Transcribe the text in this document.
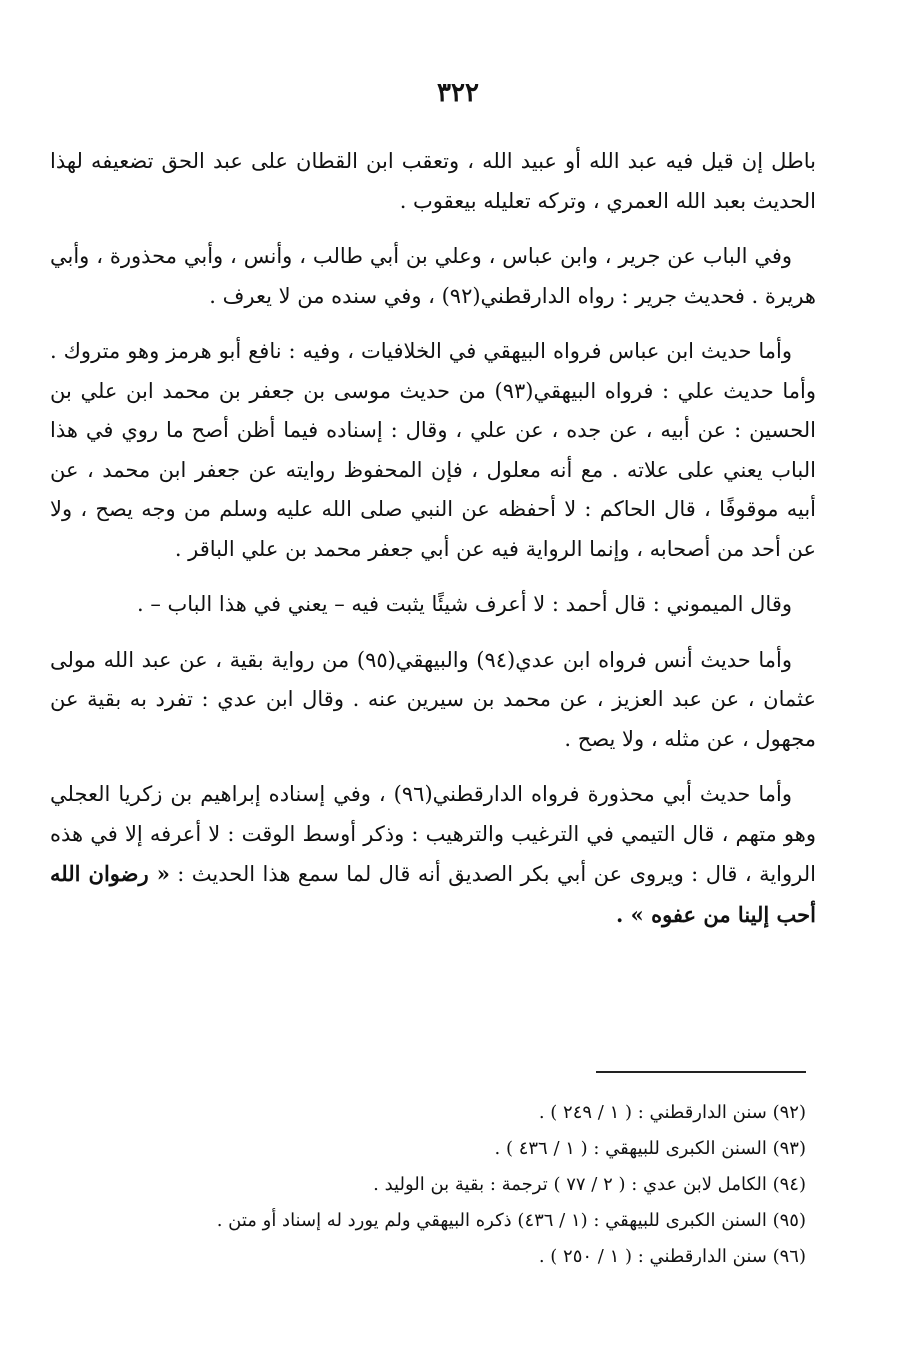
٣٢٢

باطل إن قيل فيه عبد الله أو عبيد الله ، وتعقب ابن القطان على عبد الحق تضعيفه لهذا الحديث بعبد الله العمري ، وتركه تعليله بيعقوب .

وفي الباب عن جرير ، وابن عباس ، وعلي بن أبي طالب ، وأنس ، وأبي محذورة ، وأبي هريرة . فحديث جرير : رواه الدارقطني(٩٢) ، وفي سنده من لا يعرف .

وأما حديث ابن عباس فرواه البيهقي في الخلافيات ، وفيه : نافع أبو هرمز وهو متروك . وأما حديث علي : فرواه البيهقي(٩٣) من حديث موسى بن جعفر بن محمد ابن علي بن الحسين : عن أبيه ، عن جده ، عن علي ، وقال : إسناده فيما أظن أصح ما روي في هذا الباب يعني على علاته . مع أنه معلول ، فإن المحفوظ روايته عن جعفر ابن محمد ، عن أبيه موقوفًا ، قال الحاكم : لا أحفظه عن النبي صلى الله عليه وسلم من وجه يصح ، ولا عن أحد من أصحابه ، وإنما الرواية فيه عن أبي جعفر محمد بن علي الباقر .

وقال الميموني : قال أحمد : لا أعرف شيئًا يثبت فيه – يعني في هذا الباب – .

وأما حديث أنس فرواه ابن عدي(٩٤) والبيهقي(٩٥) من رواية بقية ، عن عبد الله مولى عثمان ، عن عبد العزيز ، عن محمد بن سيرين عنه . وقال ابن عدي : تفرد به بقية عن مجهول ، عن مثله ، ولا يصح .

وأما حديث أبي محذورة فرواه الدارقطني(٩٦) ، وفي إسناده إبراهيم بن زكريا العجلي وهو متهم ، قال التيمي في الترغيب والترهيب : وذكر أوسط الوقت : لا أعرفه إلا في هذه الرواية ، قال : ويروى عن أبي بكر الصديق أنه قال لما سمع هذا الحديث : « رضوان الله أحب إلينا من عفوه » .

(٩٢) سنن الدارقطني : ( ١ / ٢٤٩ ) .
(٩٣) السنن الكبرى للبيهقي : ( ١ / ٤٣٦ ) .
(٩٤) الكامل لابن عدي : ( ٢ / ٧٧ ) ترجمة : بقية بن الوليد .
(٩٥) السنن الكبرى للبيهقي : (١ / ٤٣٦) ذكره البيهقي ولم يورد له إسناد أو متن .
(٩٦) سنن الدارقطني : ( ١ / ٢٥٠ ) .
